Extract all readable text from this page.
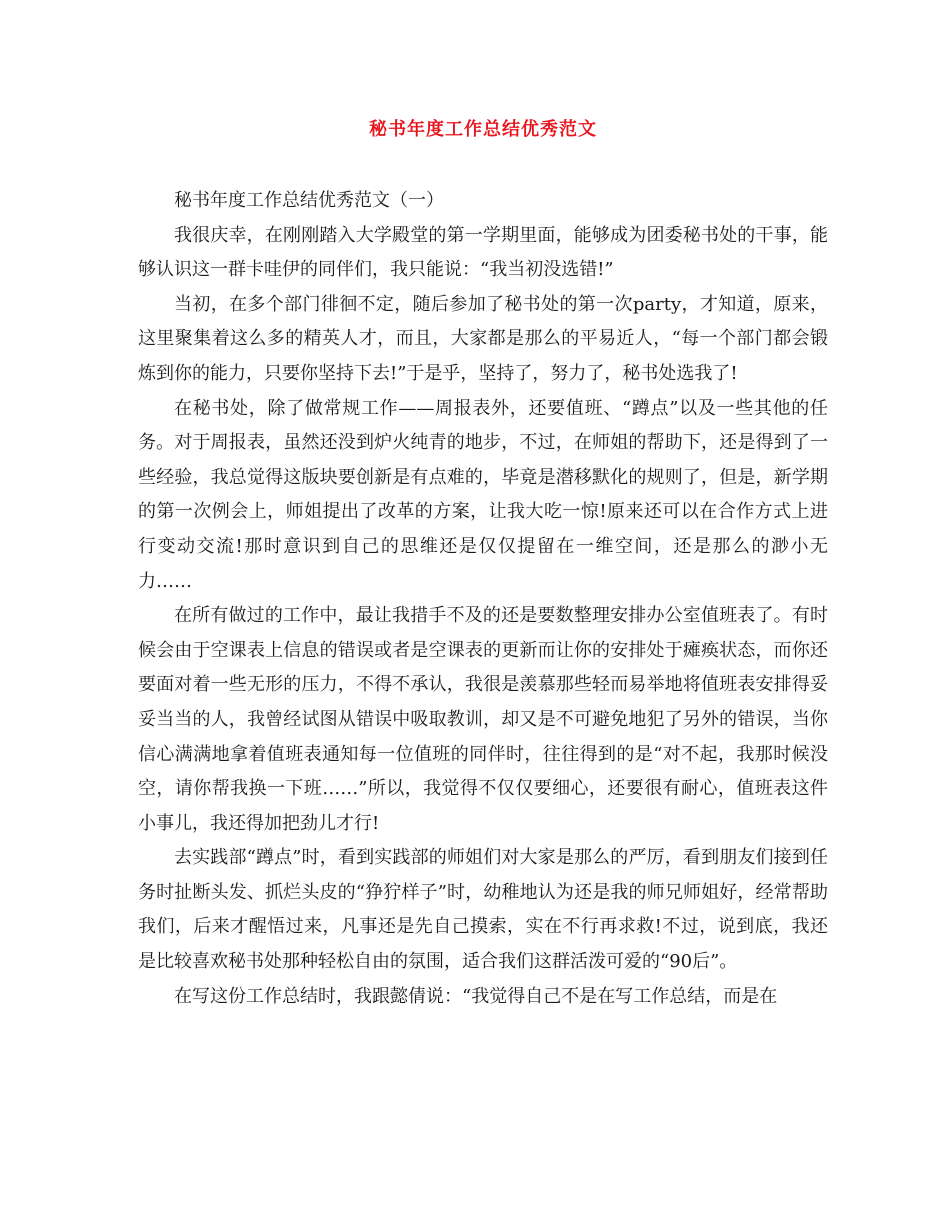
秘书年度工作总结优秀范文

秘书年度工作总结优秀范文（一）

我很庆幸，在刚刚踏入大学殿堂的第一学期里面，能够成为团委秘书处的干事，能够认识这一群卡哇伊的同伴们，我只能说：“我当初没选错!”

当初，在多个部门徘徊不定，随后参加了秘书处的第一次party，才知道，原来，这里聚集着这么多的精英人才，而且，大家都是那么的平易近人，“每一个部门都会锻炼到你的能力，只要你坚持下去!”于是乎，坚持了，努力了，秘书处选我了!

在秘书处，除了做常规工作——周报表外，还要值班、“蹲点”以及一些其他的任务。对于周报表，虽然还没到炉火纯青的地步，不过，在师姐的帮助下，还是得到了一些经验，我总觉得这版块要创新是有点难的，毕竟是潜移默化的规则了，但是，新学期的第一次例会上，师姐提出了改革的方案，让我大吃一惊!原来还可以在合作方式上进行变动交流!那时意识到自己的思维还是仅仅提留在一维空间，还是那么的渺小无力……

在所有做过的工作中，最让我措手不及的还是要数整理安排办公室值班表了。有时候会由于空课表上信息的错误或者是空课表的更新而让你的安排处于瘫痪状态，而你还要面对着一些无形的压力，不得不承认，我很是羡慕那些轻而易举地将值班表安排得妥妥当当的人，我曾经试图从错误中吸取教训，却又是不可避免地犯了另外的错误，当你信心满满地拿着值班表通知每一位值班的同伴时，往往得到的是“对不起，我那时候没空，请你帮我换一下班……”所以，我觉得不仅仅要细心，还要很有耐心，值班表这件小事儿，我还得加把劲儿才行!

去实践部“蹲点”时，看到实践部的师姐们对大家是那么的严厉，看到朋友们接到任务时扯断头发、抓烂头皮的“狰狞样子”时，幼稚地认为还是我的师兄师姐好，经常帮助我们，后来才醒悟过来，凡事还是先自己摸索，实在不行再求救!不过，说到底，我还是比较喜欢秘书处那种轻松自由的氛围，适合我们这群活泼可爱的“90后”。

在写这份工作总结时，我跟懿倩说：“我觉得自己不是在写工作总结，而是在
